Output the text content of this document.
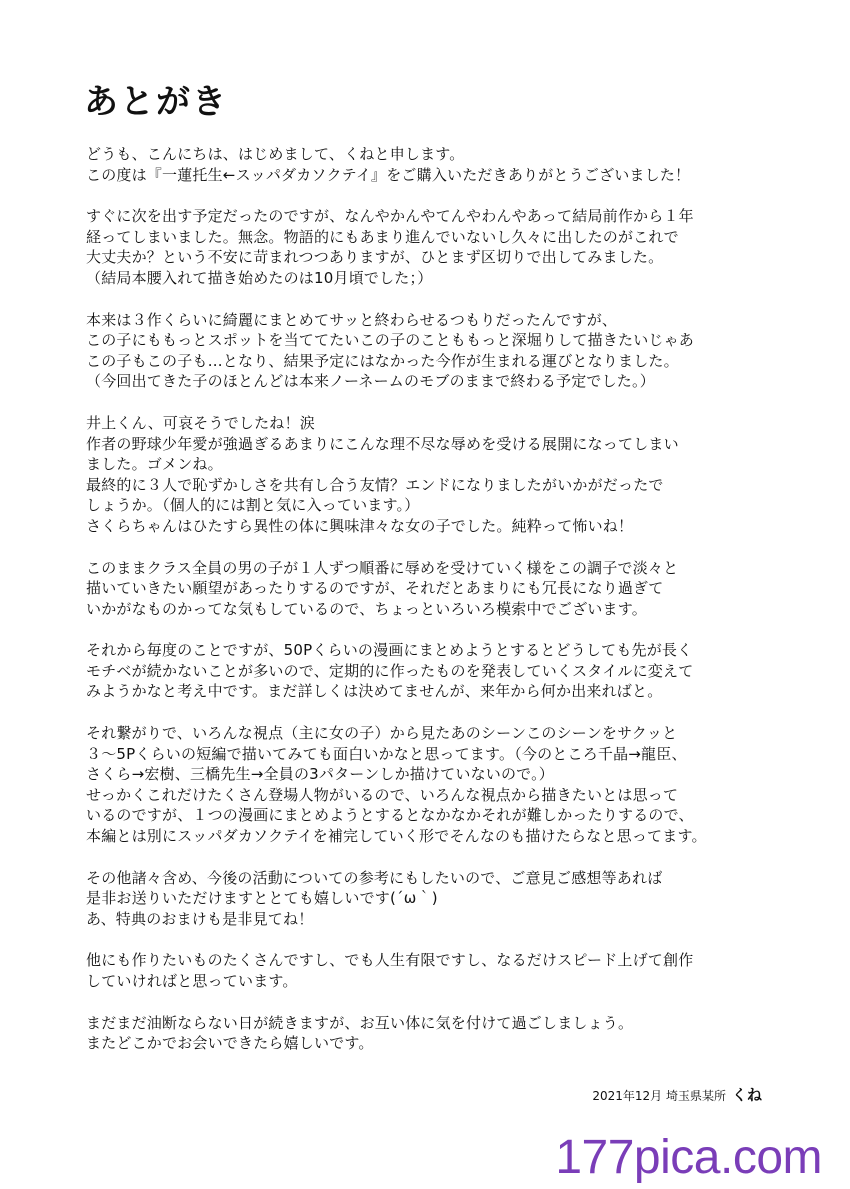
あとがき
どうも、こんにちは、はじめまして、くねと申します。
この度は『一蓮托生←スッパダカソクテイ』をご購入いただきありがとうございました！
すぐに次を出す予定だったのですが、なんやかんやてんやわんやあって結局前作から１年
経ってしまいました。無念。物語的にもあまり進んでいないし久々に出したのがこれで
大丈夫か？という不安に苛まれつつありますが、ひとまず区切りで出してみました。
（結局本腰入れて描き始めたのは10月頃でした；）
本来は３作くらいに綺麗にまとめてサッと終わらせるつもりだったんですが、
この子にももっとスポットを当ててたいこの子のことももっと深堀りして描きたいじゃあ
この子もこの子も…となり、結果予定にはなかった今作が生まれる運びとなりました。
（今回出てきた子のほとんどは本来ノーネームのモブのままで終わる予定でした。）
井上くん、可哀そうでしたね！涙
作者の野球少年愛が強過ぎるあまりにこんな理不尽な辱めを受ける展開になってしまい
ました。ゴメンね。
最終的に３人で恥ずかしさを共有し合う友情？エンドになりましたがいかがだったで
しょうか。（個人的には割と気に入っています。）
さくらちゃんはひたすら異性の体に興味津々な女の子でした。純粋って怖いね！
このままクラス全員の男の子が１人ずつ順番に辱めを受けていく様をこの調子で淡々と
描いていきたい願望があったりするのですが、それだとあまりにも冗長になり過ぎて
いかがなものかってな気もしているので、ちょっといろいろ模索中でございます。
それから毎度のことですが、50Pくらいの漫画にまとめようとするとどうしても先が長く
モチベが続かないことが多いので、定期的に作ったものを発表していくスタイルに変えて
みようかなと考え中です。まだ詳しくは決めてませんが、来年から何か出来ればと。
それ繋がりで、いろんな視点（主に女の子）から見たあのシーンこのシーンをサクッと
３〜5Pくらいの短編で描いてみても面白いかなと思ってます。（今のところ千晶→龍臣、
さくら→宏樹、三橋先生→全員の3パターンしか描けていないので。）
せっかくこれだけたくさん登場人物がいるので、いろんな視点から描きたいとは思って
いるのですが、１つの漫画にまとめようとするとなかなかそれが難しかったりするので、
本編とは別にスッパダカソクテイを補完していく形でそんなのも描けたらなと思ってます。
その他諸々含め、今後の活動についての参考にもしたいので、ご意見ご感想等あれば
是非お送りいただけますととても嬉しいです(´ω｀)
あ、特典のおまけも是非見てね！
他にも作りたいものたくさんですし、でも人生有限ですし、なるだけスピード上げて創作
していければと思っています。
まだまだ油断ならない日が続きますが、お互い体に気を付けて過ごしましょう。
またどこかでお会いできたら嬉しいです。
2021年12月 埼玉県某所 くね
177pica.com
